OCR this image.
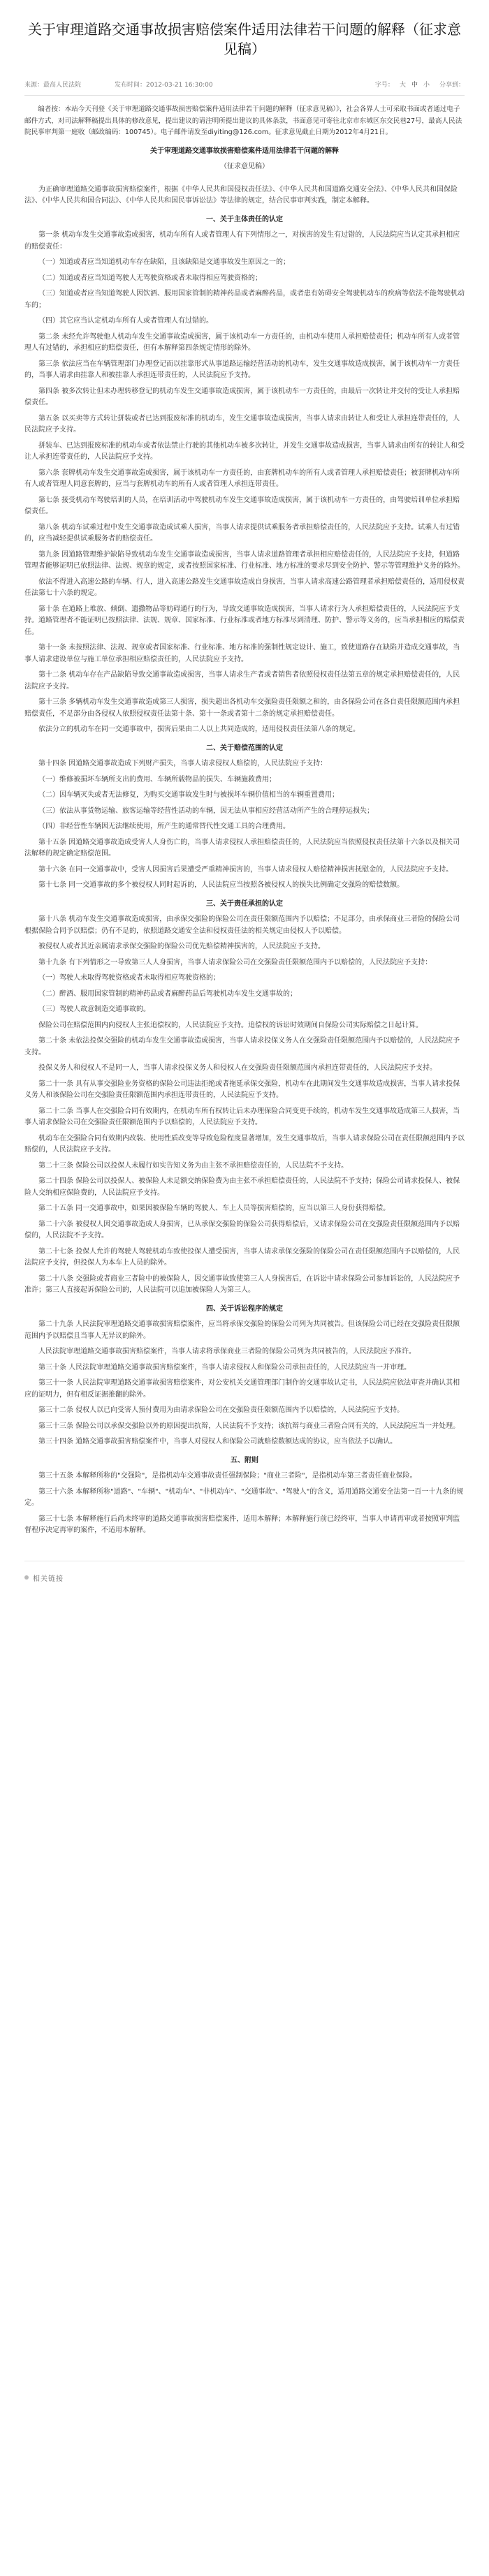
关于审理道路交通事故损害赔偿案件适用法律若干问题的解释（征求意见稿）
来源：最高人民法院	发布时间：2012-03-21 16:30:00	字号： 大 中 小 分享到：

编者按：本站今天刊登《关于审理道路交通事故损害赔偿案件适用法律若干问题的解释（征求意见稿）》，社会各界人士可采取书面或者通过电子邮件方式，对司法解释稿提出具体的修改意见，提出建议的请注明所提出建议的具体条款，书面意见可寄往北京市东城区东交民巷27号，最高人民法院民事审判第一庭收（邮政编码：100745）。电子邮件请发至diyiting@126.com。征求意见截止日期为2012年4月21日。

关于审理道路交通事故损害赔偿案件适用法律若干问题的解释

（征求意见稿）

为正确审理道路交通事故损害赔偿案件，根据《中华人民共和国侵权责任法》、《中华人民共和国道路交通安全法》、《中华人民共和国保险法》、《中华人民共和国合同法》、《中华人民共和国民事诉讼法》等法律的规定，结合民事审判实践，制定本解释。

一、关于主体责任的认定

第一条 机动车发生交通事故造成损害，机动车所有人或者管理人有下列情形之一，对损害的发生有过错的，人民法院应当认定其承担相应的赔偿责任：

（一）知道或者应当知道机动车存在缺陷，且该缺陷是交通事故发生原因之一的；

（二）知道或者应当知道驾驶人无驾驶资格或者未取得相应驾驶资格的；

（三）知道或者应当知道驾驶人因饮酒、服用国家管制的精神药品或者麻醉药品，或者患有妨碍安全驾驶机动车的疾病等依法不能驾驶机动车的；

（四）其它应当认定机动车所有人或者管理人有过错的。

第二条 未经允许驾驶他人机动车发生交通事故造成损害，属于该机动车一方责任的，由机动车使用人承担赔偿责任；机动车所有人或者管理人有过错的，承担相应的赔偿责任，但有本解释第四条规定情形的除外。

第三条 依法应当在车辆管理部门办理登记而以挂靠形式从事道路运输经营活动的机动车，发生交通事故造成损害，属于该机动车一方责任的，当事人请求由挂靠人和被挂靠人承担连带责任的，人民法院应予支持。

第四条 被多次转让但未办理转移登记的机动车发生交通事故造成损害，属于该机动车一方责任的，由最后一次转让并交付的受让人承担赔偿责任。

第五条 以买卖等方式转让拼装或者已达到报废标准的机动车，发生交通事故造成损害，当事人请求由转让人和受让人承担连带责任的，人民法院应予支持。

拼装车、已达到报废标准的机动车或者依法禁止行驶的其他机动车被多次转让，并发生交通事故造成损害，当事人请求由所有的转让人和受让人承担连带责任的，人民法院应予支持。

第六条 套牌机动车发生交通事故造成损害，属于该机动车一方责任的，由套牌机动车的所有人或者管理人承担赔偿责任；被套牌机动车所有人或者管理人同意套牌的，应当与套牌机动车的所有人或者管理人承担连带责任。

第七条 接受机动车驾驶培训的人员，在培训活动中驾驶机动车发生交通事故造成损害，属于该机动车一方责任的，由驾驶培训单位承担赔偿责任。

第八条 机动车试乘过程中发生交通事故造成试乘人损害，当事人请求提供试乘服务者承担赔偿责任的，人民法院应予支持。试乘人有过错的，应当减轻提供试乘服务者的赔偿责任。

第九条 因道路管理维护缺陷导致机动车发生交通事故造成损害，当事人请求道路管理者承担相应赔偿责任的，人民法院应予支持，但道路管理者能够证明已依照法律、法规、规章的规定，或者按照国家标准、行业标准、地方标准的要求尽到安全防护、警示等管理维护义务的除外。

依法不得进入高速公路的车辆、行人，进入高速公路发生交通事故造成自身损害，当事人请求高速公路管理者承担赔偿责任的，适用侵权责任法第七十六条的规定。

第十条 在道路上堆放、倾倒、遗撒物品等妨碍通行的行为，导致交通事故造成损害，当事人请求行为人承担赔偿责任的，人民法院应予支持。道路管理者不能证明已按照法律、法规、规章、国家标准、行业标准或者地方标准尽到清理、防护、警示等义务的，应当承担相应的赔偿责任。

第十一条 未按照法律、法规、规章或者国家标准、行业标准、地方标准的强制性规定设计、施工，致使道路存在缺陷并造成交通事故，当事人请求建设单位与施工单位承担相应赔偿责任的，人民法院应予支持。

第十二条 机动车存在产品缺陷导致交通事故造成损害，当事人请求生产者或者销售者依照侵权责任法第五章的规定承担赔偿责任的，人民法院应予支持。

第十三条 多辆机动车发生交通事故造成第三人损害，损失超出各机动车交强险责任限额之和的，由各保险公司在各自责任限额范围内承担赔偿责任，不足部分由各侵权人依照侵权责任法第十条、第十一条或者第十二条的规定承担赔偿责任。

依法分立的机动车在同一交通事故中，损害后果由二人以上共同造成的，适用侵权责任法第八条的规定。

二、关于赔偿范围的认定

第十四条 因道路交通事故造成下列财产损失，当事人请求侵权人赔偿的，人民法院应予支持：

（一）维修被损坏车辆所支出的费用、车辆所载物品的损失、车辆施救费用；

（二）因车辆灭失或者无法修复，为购买交通事故发生时与被损坏车辆价值相当的车辆重置费用；

（三）依法从事货物运输、旅客运输等经营性活动的车辆，因无法从事相应经营活动所产生的合理停运损失；

（四）非经营性车辆因无法继续使用，所产生的通常替代性交通工具的合理费用。

第十五条 因道路交通事故造成受害人人身伤亡的，当事人请求侵权人承担赔偿责任的，人民法院应当依照侵权责任法第十六条以及相关司法解释的规定确定赔偿范围。

第十六条 在同一交通事故中，受害人因损害后果遭受严重精神损害的，当事人请求侵权人赔偿精神损害抚慰金的，人民法院应予支持。

第十七条 同一交通事故的多个被侵权人同时起诉的，人民法院应当按照各被侵权人的损失比例确定交强险的赔偿数额。

三、关于责任承担的认定

第十八条 机动车发生交通事故造成损害，由承保交强险的保险公司在责任限额范围内予以赔偿；不足部分，由承保商业三者险的保险公司根据保险合同予以赔偿；仍有不足的，依照道路交通安全法和侵权责任法的相关规定由侵权人予以赔偿。

被侵权人或者其近亲属请求承保交强险的保险公司优先赔偿精神损害的，人民法院应予支持。

第十九条 有下列情形之一导致第三人人身损害，当事人请求保险公司在交强险责任限额范围内予以赔偿的，人民法院应予支持：

（一）驾驶人未取得驾驶资格或者未取得相应驾驶资格的；

（二）醉酒、服用国家管制的精神药品或者麻醉药品后驾驶机动车发生交通事故的；

（三）驾驶人故意制造交通事故的。

保险公司在赔偿范围内向侵权人主张追偿权的，人民法院应予支持。追偿权的诉讼时效期间自保险公司实际赔偿之日起计算。

第二十条 未依法投保交强险的机动车发生交通事故造成损害，当事人请求投保义务人在交强险责任限额范围内予以赔偿的，人民法院应予支持。

投保义务人和侵权人不是同一人，当事人请求投保义务人和侵权人在交强险责任限额范围内承担连带责任的，人民法院应予支持。

第二十一条 具有从事交强险业务资格的保险公司违法拒绝或者拖延承保交强险，机动车在此期间发生交通事故造成损害，当事人请求投保义务人和该保险公司在交强险责任限额范围内承担连带责任的，人民法院应予支持。

第二十二条 当事人在交强险合同有效期内，在机动车所有权转让后未办理保险合同变更手续的，机动车发生交通事故造成第三人损害，当事人请求保险公司在交强险责任限额范围内予以赔偿的，人民法院应予支持。

机动车在交强险合同有效期内改装、使用性质改变等导致危险程度显著增加，发生交通事故后，当事人请求保险公司在责任限额范围内予以赔偿的，人民法院应予支持。

第二十三条 保险公司以投保人未履行如实告知义务为由主张不承担赔偿责任的，人民法院不予支持。

第二十四条 保险公司以投保人、被保险人未足额交纳保险费为由主张不承担赔偿责任的，人民法院不予支持；保险公司请求投保人、被保险人交纳相应保险费的，人民法院应予支持。

第二十五条 同一交通事故中，如果因被保险车辆的驾驶人、车上人员等损害赔偿的，应当以第三人身份获得赔偿。

第二十六条 被侵权人因交通事故造成人身损害，已从承保交强险的保险公司获得赔偿后，又请求保险公司在交强险责任限额范围内予以赔偿的，人民法院不予支持。

第二十七条 投保人允许的驾驶人驾驶机动车致使投保人遭受损害，当事人请求承保交强险的保险公司在责任限额范围内予以赔偿的，人民法院应予支持，但投保人为本车上人员的除外。

第二十八条 交强险或者商业三者险中的被保险人，因交通事故致使第三人人身损害后，在诉讼中请求保险公司参加诉讼的，人民法院应予准许；第三人直接起诉保险公司的，人民法院可以追加被保险人为第三人。

四、关于诉讼程序的规定

第二十九条 人民法院审理道路交通事故损害赔偿案件，应当将承保交强险的保险公司列为共同被告。但该保险公司已经在交强险责任限额范围内予以赔偿且当事人无异议的除外。

人民法院审理道路交通事故损害赔偿案件，当事人请求将承保商业三者险的保险公司列为共同被告的，人民法院应予准许。

第三十条 人民法院审理道路交通事故损害赔偿案件，当事人请求侵权人和保险公司承担责任的，人民法院应当一并审理。

第三十一条 人民法院审理道路交通事故损害赔偿案件，对公安机关交通管理部门制作的交通事故认定书，人民法院应依法审查并确认其相应的证明力，但有相反证据推翻的除外。

第三十二条 侵权人以已向受害人预付费用为由请求保险公司在交强险责任限额范围内予以赔偿的，人民法院应予支持。

第三十三条 保险公司以承保交强险以外的原因提出抗辩，人民法院不予支持；该抗辩与商业三者险合同有关的，人民法院应当一并处理。

第三十四条 道路交通事故损害赔偿案件中，当事人对侵权人和保险公司就赔偿数额达成的协议，应当依法予以确认。

五、附则

第三十五条 本解释所称的"交强险"，是指机动车交通事故责任强制保险；"商业三者险"，是指机动车第三者责任商业保险。

第三十六条 本解释所称"道路"、"车辆"、"机动车"、"非机动车"、"交通事故"、"驾驶人"的含义，适用道路交通安全法第一百一十九条的规定。

第三十七条 本解释施行后尚未终审的道路交通事故损害赔偿案件，适用本解释；本解释施行前已经终审，当事人申请再审或者按照审判监督程序决定再审的案件，不适用本解释。

相关链接
